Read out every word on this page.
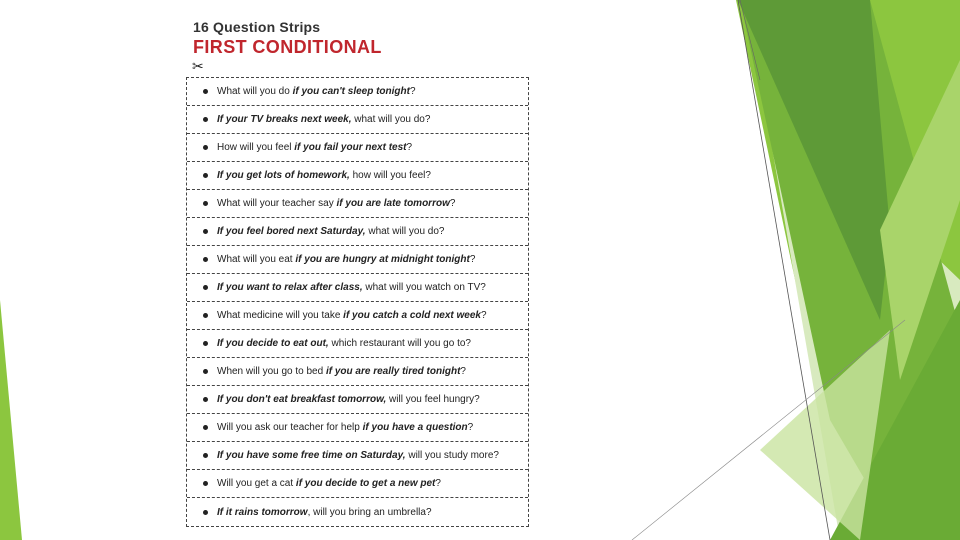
16 Question Strips
FIRST CONDITIONAL
✂
What will you do if you can't sleep tonight?
If your TV breaks next week, what will you do?
How will you feel if you fail your next test?
If you get lots of homework, how will you feel?
What will your teacher say if you are late tomorrow?
If you feel bored next Saturday, what will you do?
What will you eat if you are hungry at midnight tonight?
If you want to relax after class, what will you watch on TV?
What medicine will you take if you catch a cold next week?
If you decide to eat out, which restaurant will you go to?
When will you go to bed if you are really tired tonight?
If you don't eat breakfast tomorrow, will you feel hungry?
Will you ask our teacher for help if you have a question?
If you have some free time on Saturday, will you study more?
Will you get a cat if you decide to get a new pet?
If it rains tomorrow, will you bring an umbrella?
